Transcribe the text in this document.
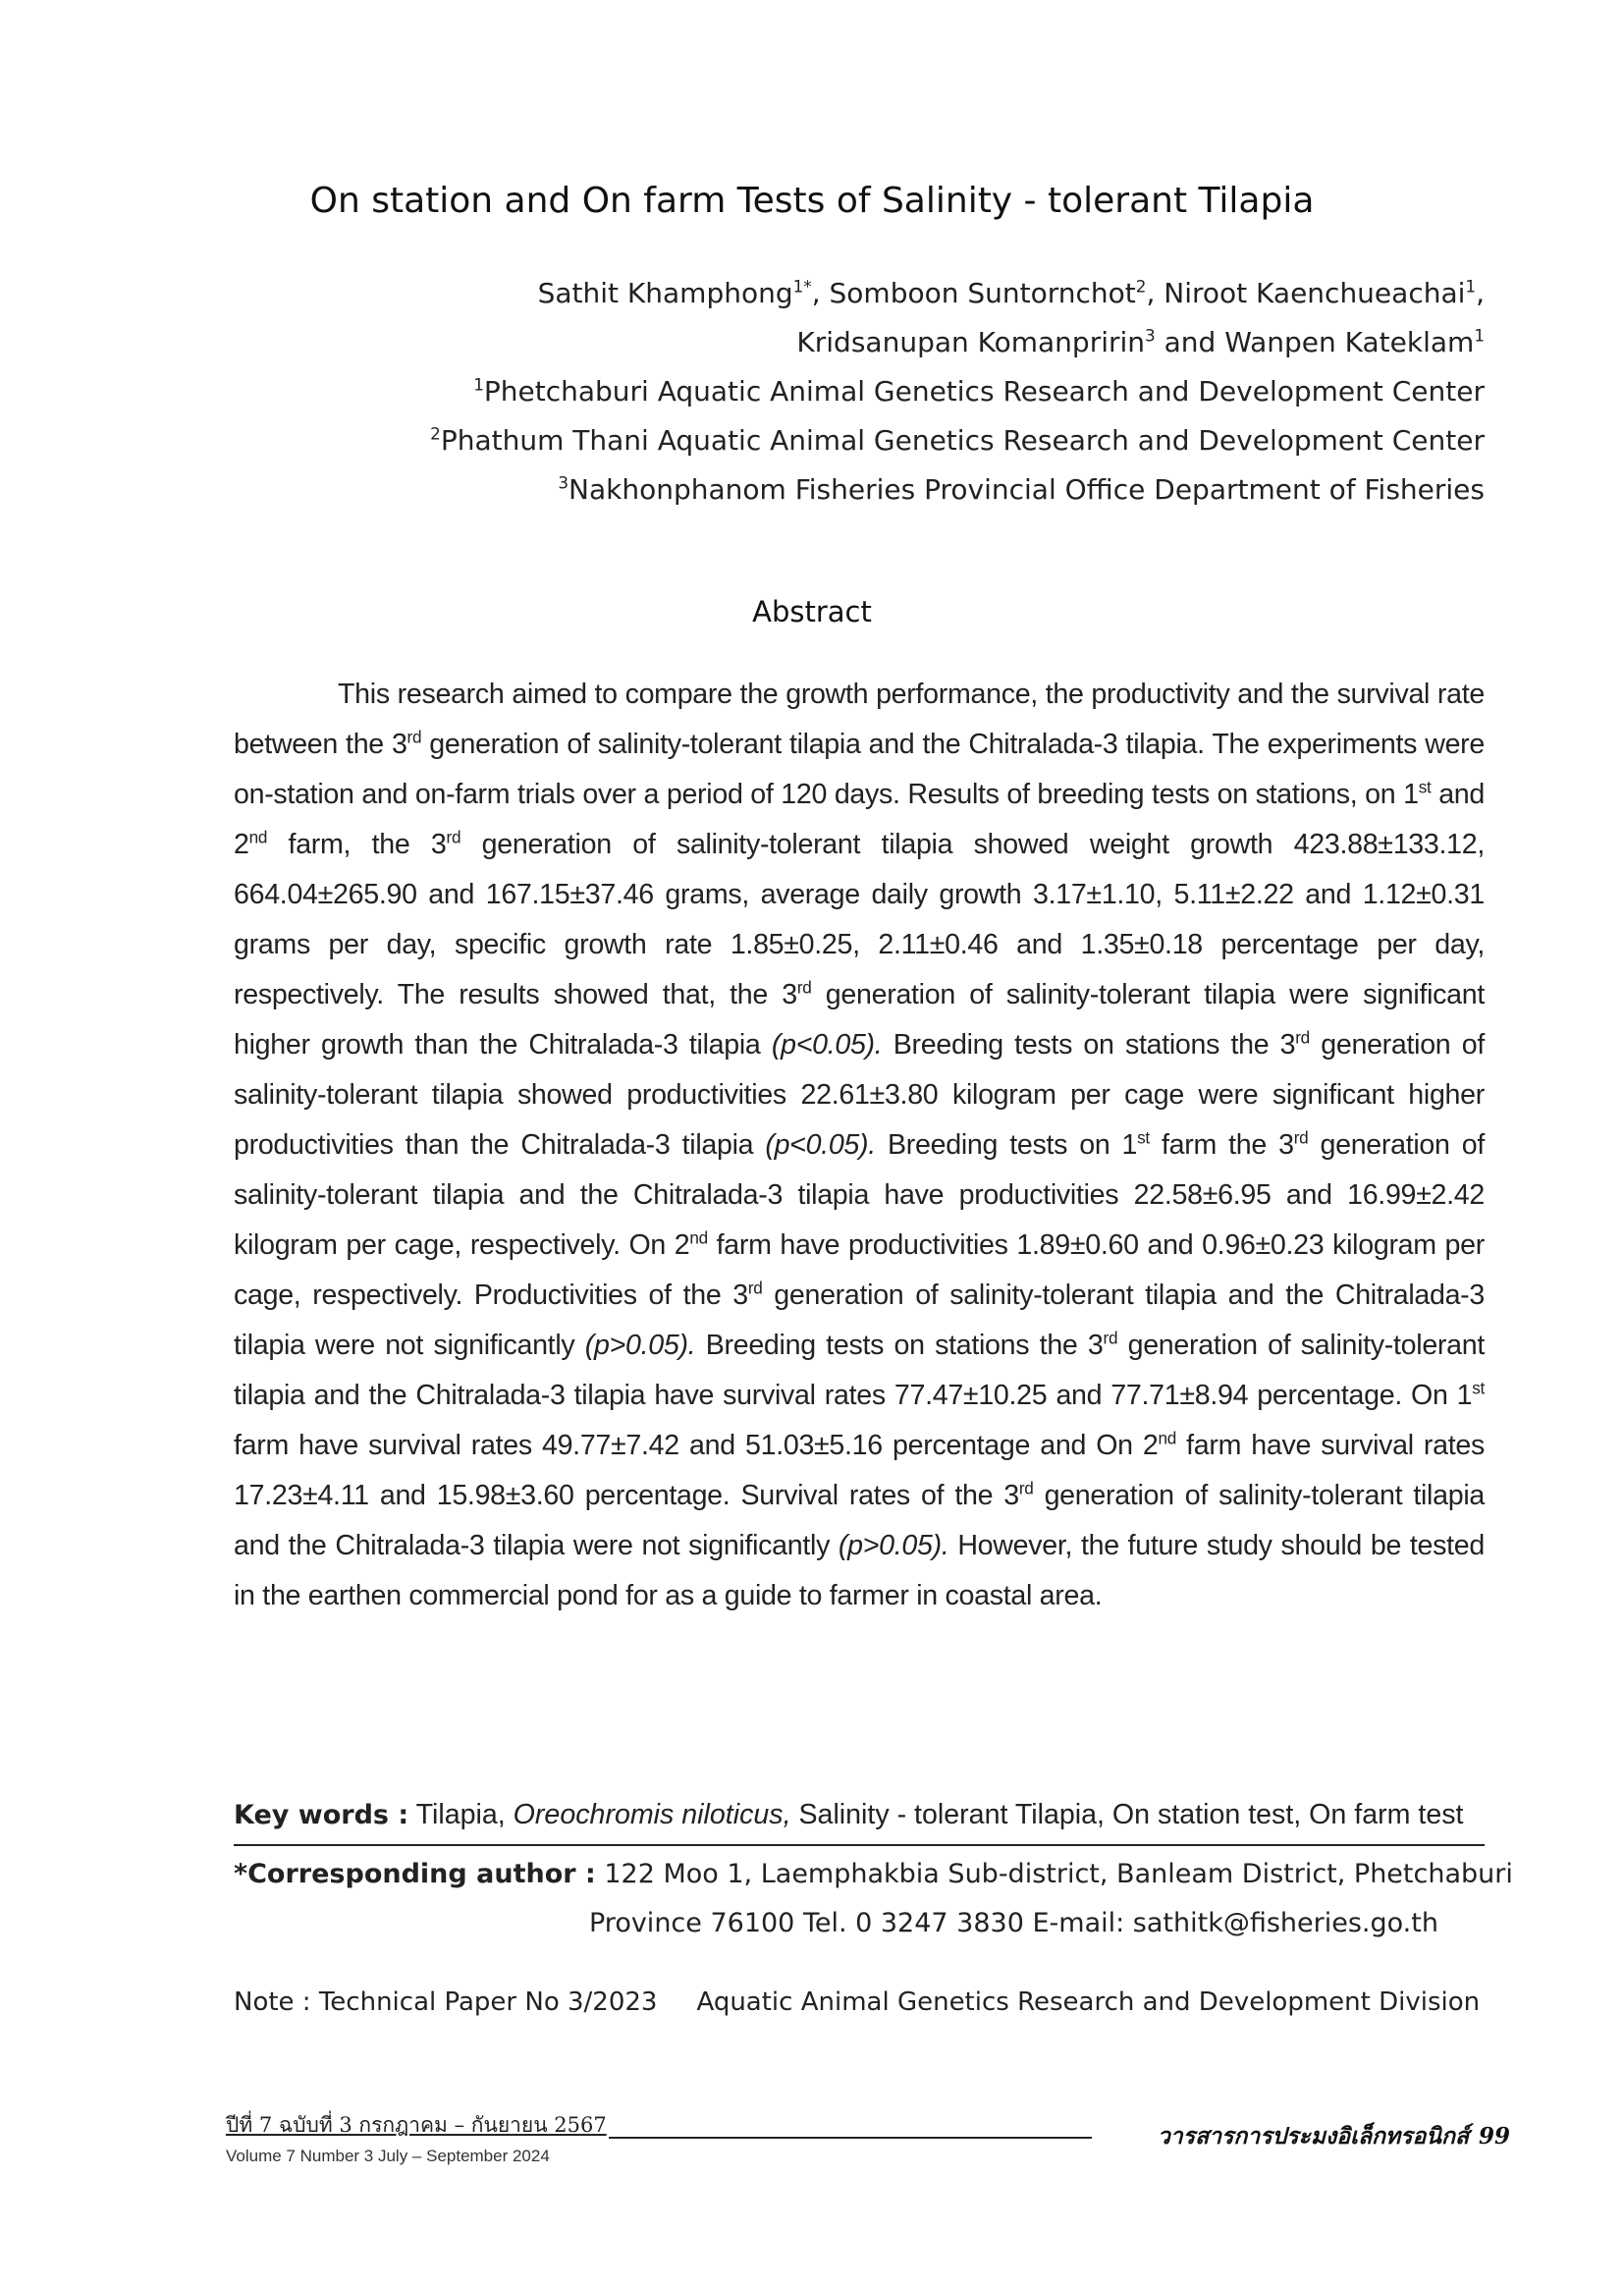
On station and On farm Tests of Salinity - tolerant Tilapia

Sathit Khamphong$^{1*}$, Somboon Suntornchot$^2$, Niroot Kaenchueachai$^1$,

Kridsanupan Komanpririn$^3$ and Wanpen Kateklam$^1$

$^1$Phetchaburi Aquatic Animal Genetics Research and Development Center

$^2$Phathum Thani Aquatic Animal Genetics Research and Development Center

$^3$Nakhonphanom Fisheries Provincial Office Department of Fisheries

Abstract

This research aimed to compare the growth performance, the productivity and the survival rate between the 3rd generation of salinity-tolerant tilapia and the Chitralada-3 tilapia. The experiments were on-station and on-farm trials over a period of 120 days. Results of breeding tests on stations, on 1st and 2nd farm, the 3rd generation of salinity-tolerant tilapia showed weight growth 423.88±133.12, 664.04±265.90 and 167.15±37.46 grams, average daily growth 3.17±1.10, 5.11±2.22 and 1.12±0.31 grams per day, specific growth rate 1.85±0.25, 2.11±0.46 and 1.35±0.18 percentage per day, respectively. The results showed that, the 3rd generation of salinity-tolerant tilapia were significant higher growth than the Chitralada-3 tilapia (p<0.05). Breeding tests on stations the 3rd generation of salinity-tolerant tilapia showed productivities 22.61±3.80 kilogram per cage were significant higher productivities than the Chitralada-3 tilapia (p<0.05). Breeding tests on 1st farm the 3rd generation of salinity-tolerant tilapia and the Chitralada-3 tilapia have productivities 22.58±6.95 and 16.99±2.42 kilogram per cage, respectively. On 2nd farm have productivities 1.89±0.60 and 0.96±0.23 kilogram per cage, respectively. Productivities of the 3rd generation of salinity-tolerant tilapia and the Chitralada-3 tilapia were not significantly (p>0.05). Breeding tests on stations the 3rd generation of salinity-tolerant tilapia and the Chitralada-3 tilapia have survival rates 77.47±10.25 and 77.71±8.94 percentage. On 1st farm have survival rates 49.77±7.42 and 51.03±5.16 percentage and On 2nd farm have survival rates 17.23±4.11 and 15.98±3.60 percentage. Survival rates of the 3rd generation of salinity-tolerant tilapia and the Chitralada-3 tilapia were not significantly (p>0.05). However, the future study should be tested in the earthen commercial pond for as a guide to farmer in coastal area.

Key words : Tilapia, Oreochromis niloticus, Salinity - tolerant Tilapia, On station test, On farm test
*Corresponding author : 122 Moo 1, Laemphakbia Sub-district, Banleam District, Phetchaburi
Province 76100 Tel. 0 3247 3830 E-mail: sathitk@fisheries.go.th
Note : Technical Paper No 3/2023 Aquatic Animal Genetics Research and Development Division
ปีที่ 7 ฉบับที่ 3 กรกฎาคม – กันยายน 2567	วารสารการประมงอิเล็กทรอนิกส์ 99
Volume 7 Number 3 July – September 2024
